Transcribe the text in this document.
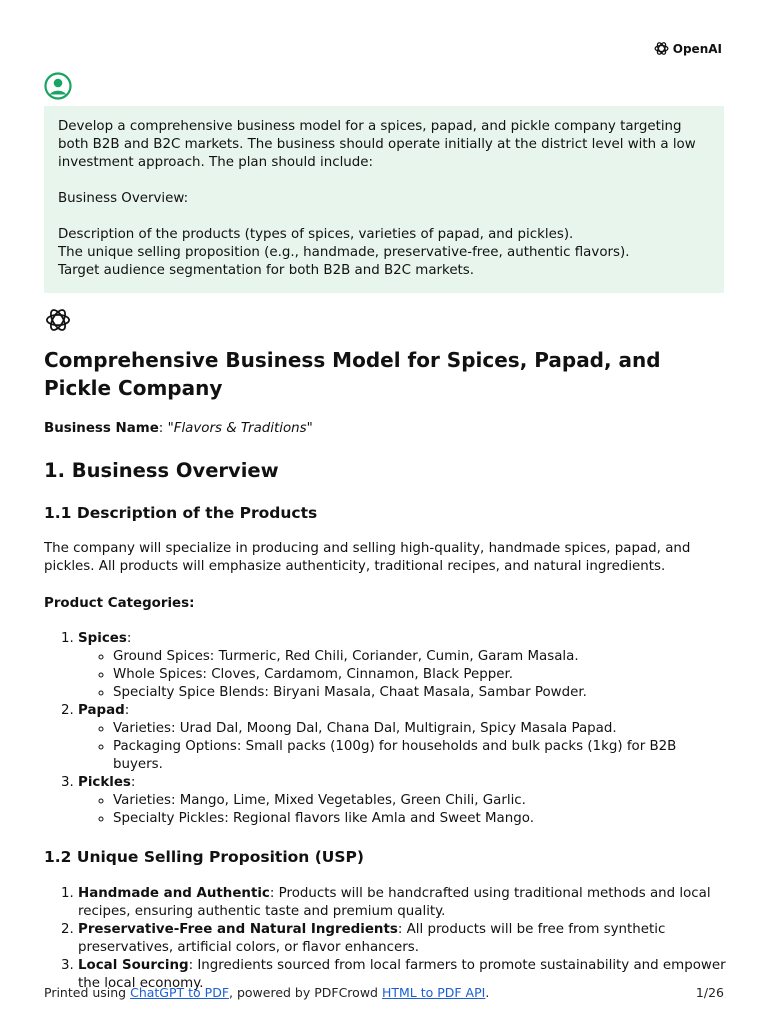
OpenAI

Develop a comprehensive business model for a spices, papad, and pickle company targeting both B2B and B2C markets. The business should operate initially at the district level with a low investment approach. The plan should include:

Business Overview:

Description of the products (types of spices, varieties of papad, and pickles).

The unique selling proposition (e.g., handmade, preservative-free, authentic flavors).

Target audience segmentation for both B2B and B2C markets.

Comprehensive Business Model for Spices, Papad, and Pickle Company

Business Name: "Flavors & Traditions"

1. Business Overview
1.1 Description of the Products

The company will specialize in producing and selling high-quality, handmade spices, papad, and pickles. All products will emphasize authenticity, traditional recipes, and natural ingredients.

Product Categories:

1. Spices:
◦ Ground Spices: Turmeric, Red Chili, Coriander, Cumin, Garam Masala.
◦ Whole Spices: Cloves, Cardamom, Cinnamon, Black Pepper.
◦ Specialty Spice Blends: Biryani Masala, Chaat Masala, Sambar Powder.
2. Papad:
◦ Varieties: Urad Dal, Moong Dal, Chana Dal, Multigrain, Spicy Masala Papad.
◦ Packaging Options: Small packs (100g) for households and bulk packs (1kg) for B2B buyers.
3. Pickles:
◦ Varieties: Mango, Lime, Mixed Vegetables, Green Chili, Garlic.
◦ Specialty Pickles: Regional flavors like Amla and Sweet Mango.
1.2 Unique Selling Proposition (USP)
1. Handmade and Authentic: Products will be handcrafted using traditional methods and local recipes, ensuring authentic taste and premium quality.
2. Preservative-Free and Natural Ingredients: All products will be free from synthetic preservatives, artificial colors, or flavor enhancers.
3. Local Sourcing: Ingredients sourced from local farmers to promote sustainability and empower the local economy.
Printed using ChatGPT to PDF, powered by PDFCrowd HTML to PDF API.	1/26
